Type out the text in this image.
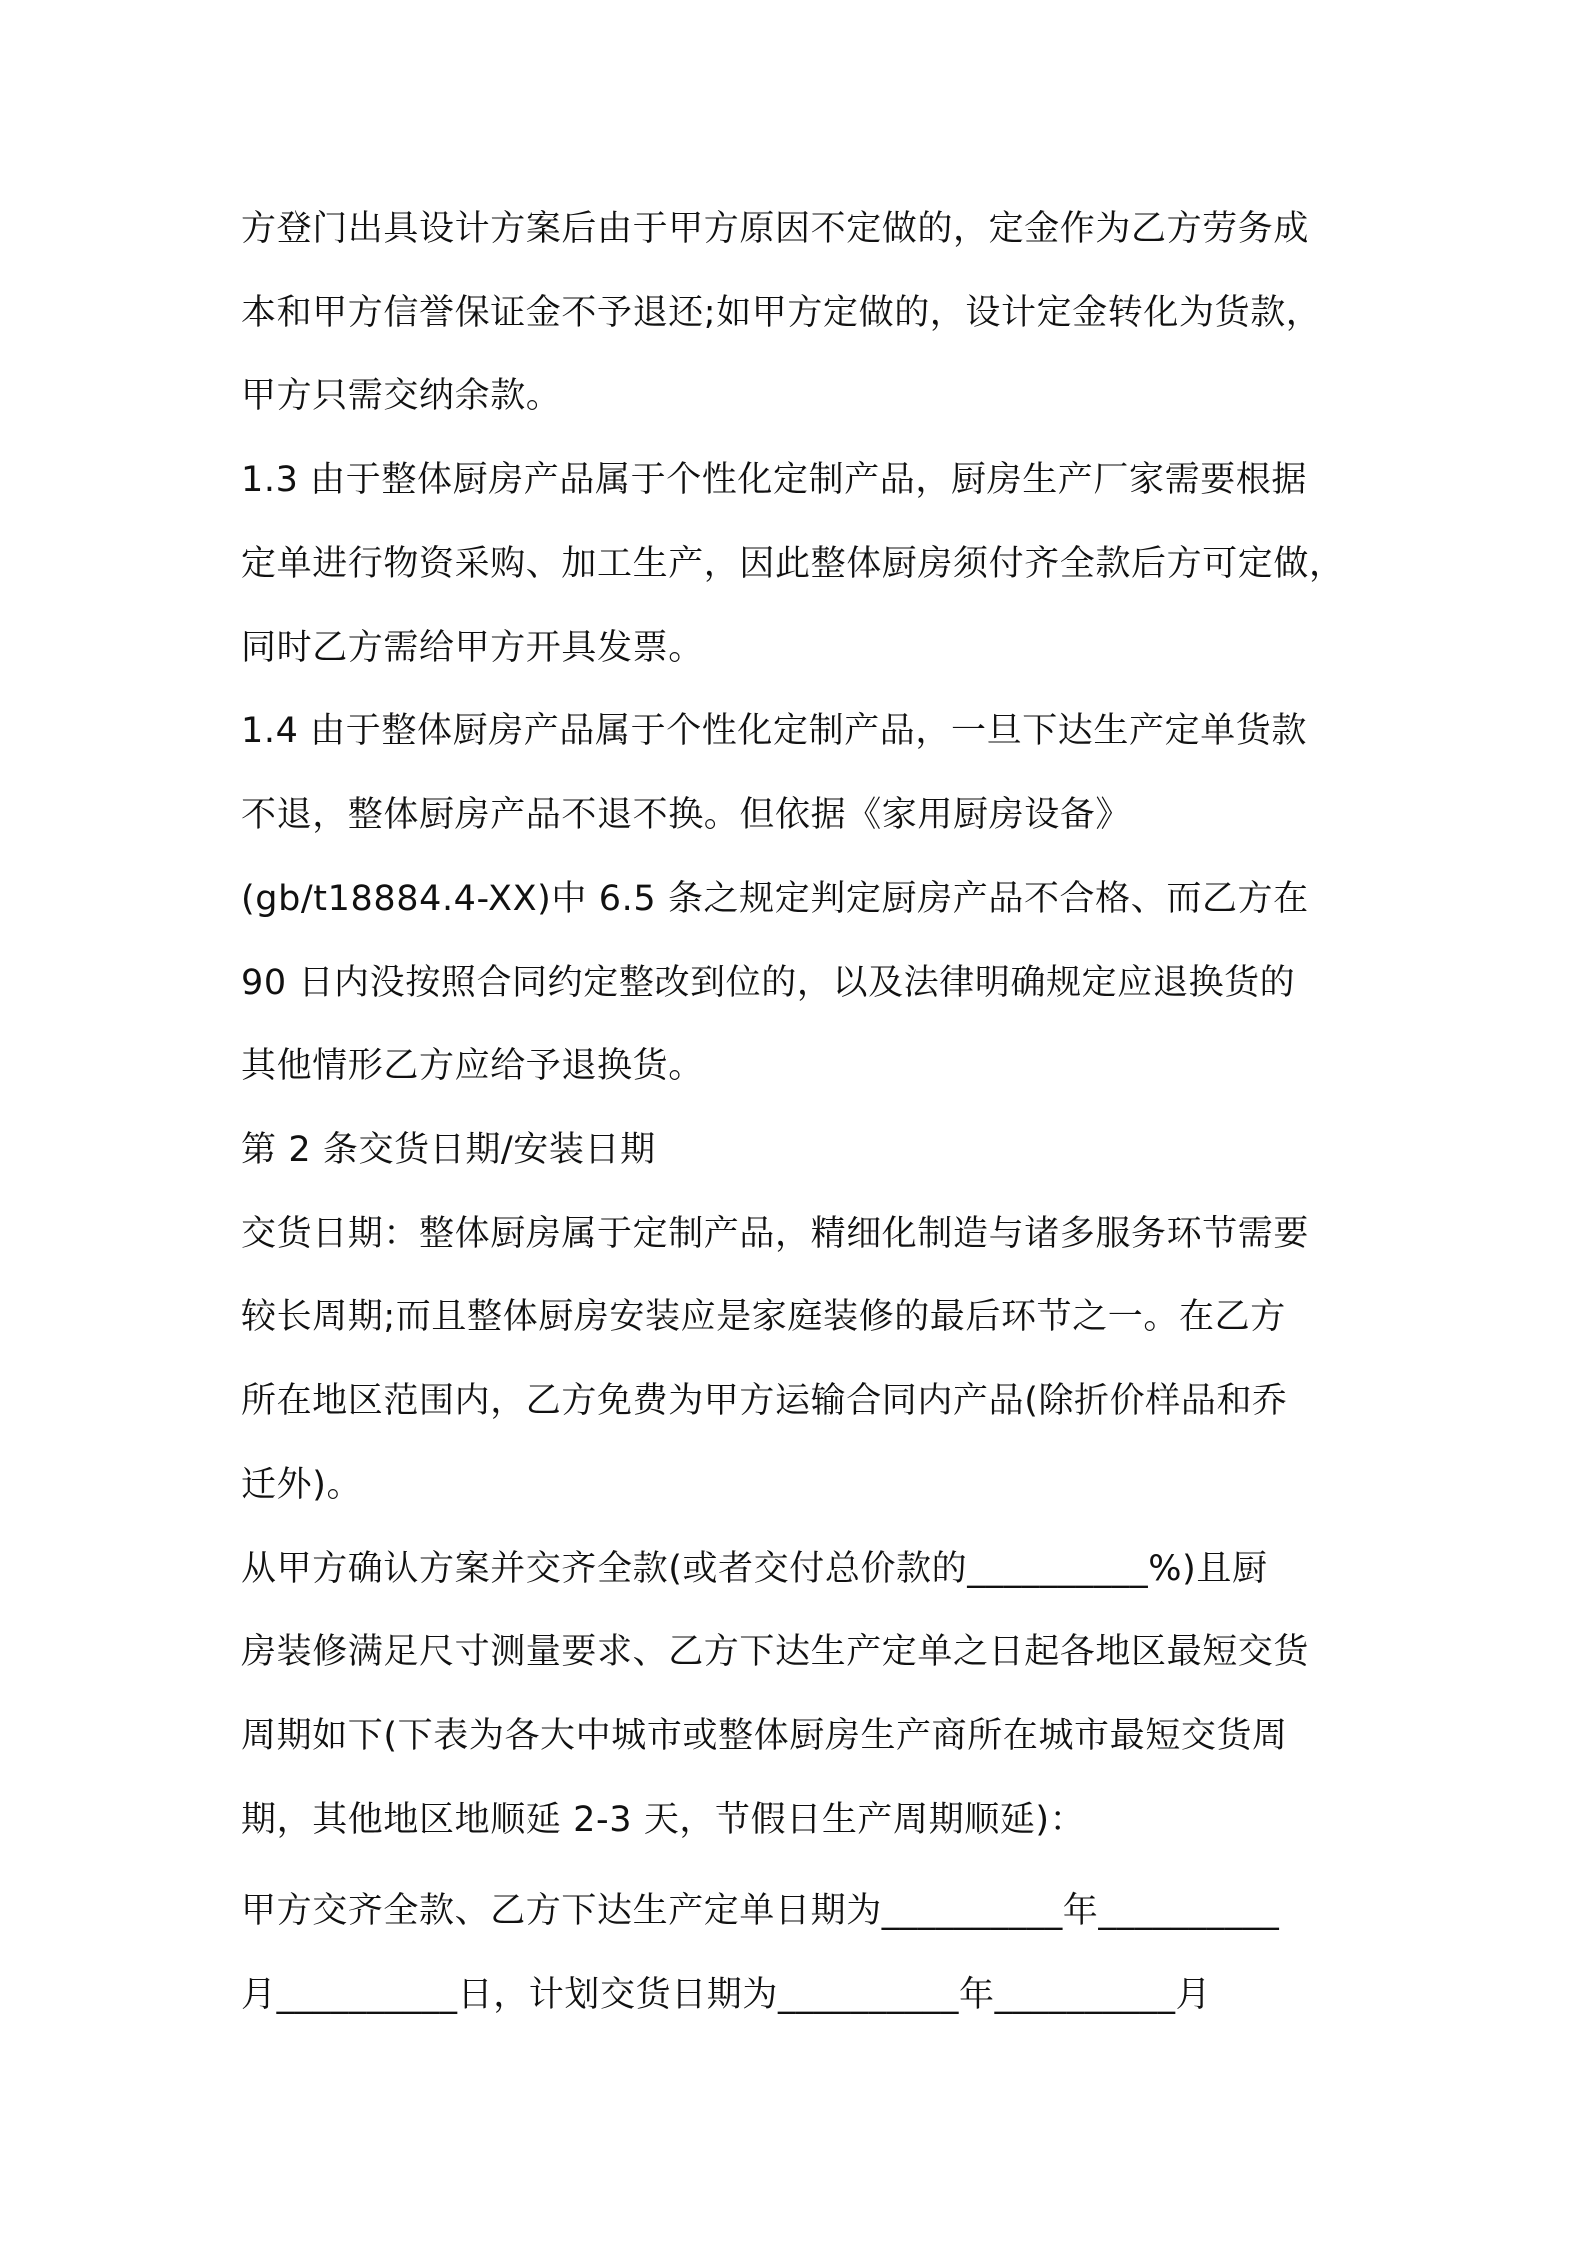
方登门出具设计方案后由于甲方原因不定做的，定金作为乙方劳务成
本和甲方信誉保证金不予退还;如甲方定做的，设计定金转化为货款，
甲方只需交纳余款。
1.3 由于整体厨房产品属于个性化定制产品，厨房生产厂家需要根据
定单进行物资采购、加工生产，因此整体厨房须付齐全款后方可定做，
同时乙方需给甲方开具发票。
1.4 由于整体厨房产品属于个性化定制产品，一旦下达生产定单货款
不退，整体厨房产品不退不换。但依据《家用厨房设备》
(gb/t18884.4-XX)中 6.5 条之规定判定厨房产品不合格、而乙方在
90 日内没按照合同约定整改到位的，以及法律明确规定应退换货的
其他情形乙方应给予退换货。
第 2 条交货日期/安装日期
交货日期：整体厨房属于定制产品，精细化制造与诸多服务环节需要
较长周期;而且整体厨房安装应是家庭装修的最后环节之一。在乙方
所在地区范围内，乙方免费为甲方运输合同内产品(除折价样品和乔
迁外)。
从甲方确认方案并交齐全款(或者交付总价款的__________%)且厨
房装修满足尺寸测量要求、乙方下达生产定单之日起各地区最短交货
周期如下(下表为各大中城市或整体厨房生产商所在城市最短交货周
期，其他地区地顺延 2-3 天，节假日生产周期顺延)：
甲方交齐全款、乙方下达生产定单日期为__________年__________
月__________日，计划交货日期为__________年__________月
